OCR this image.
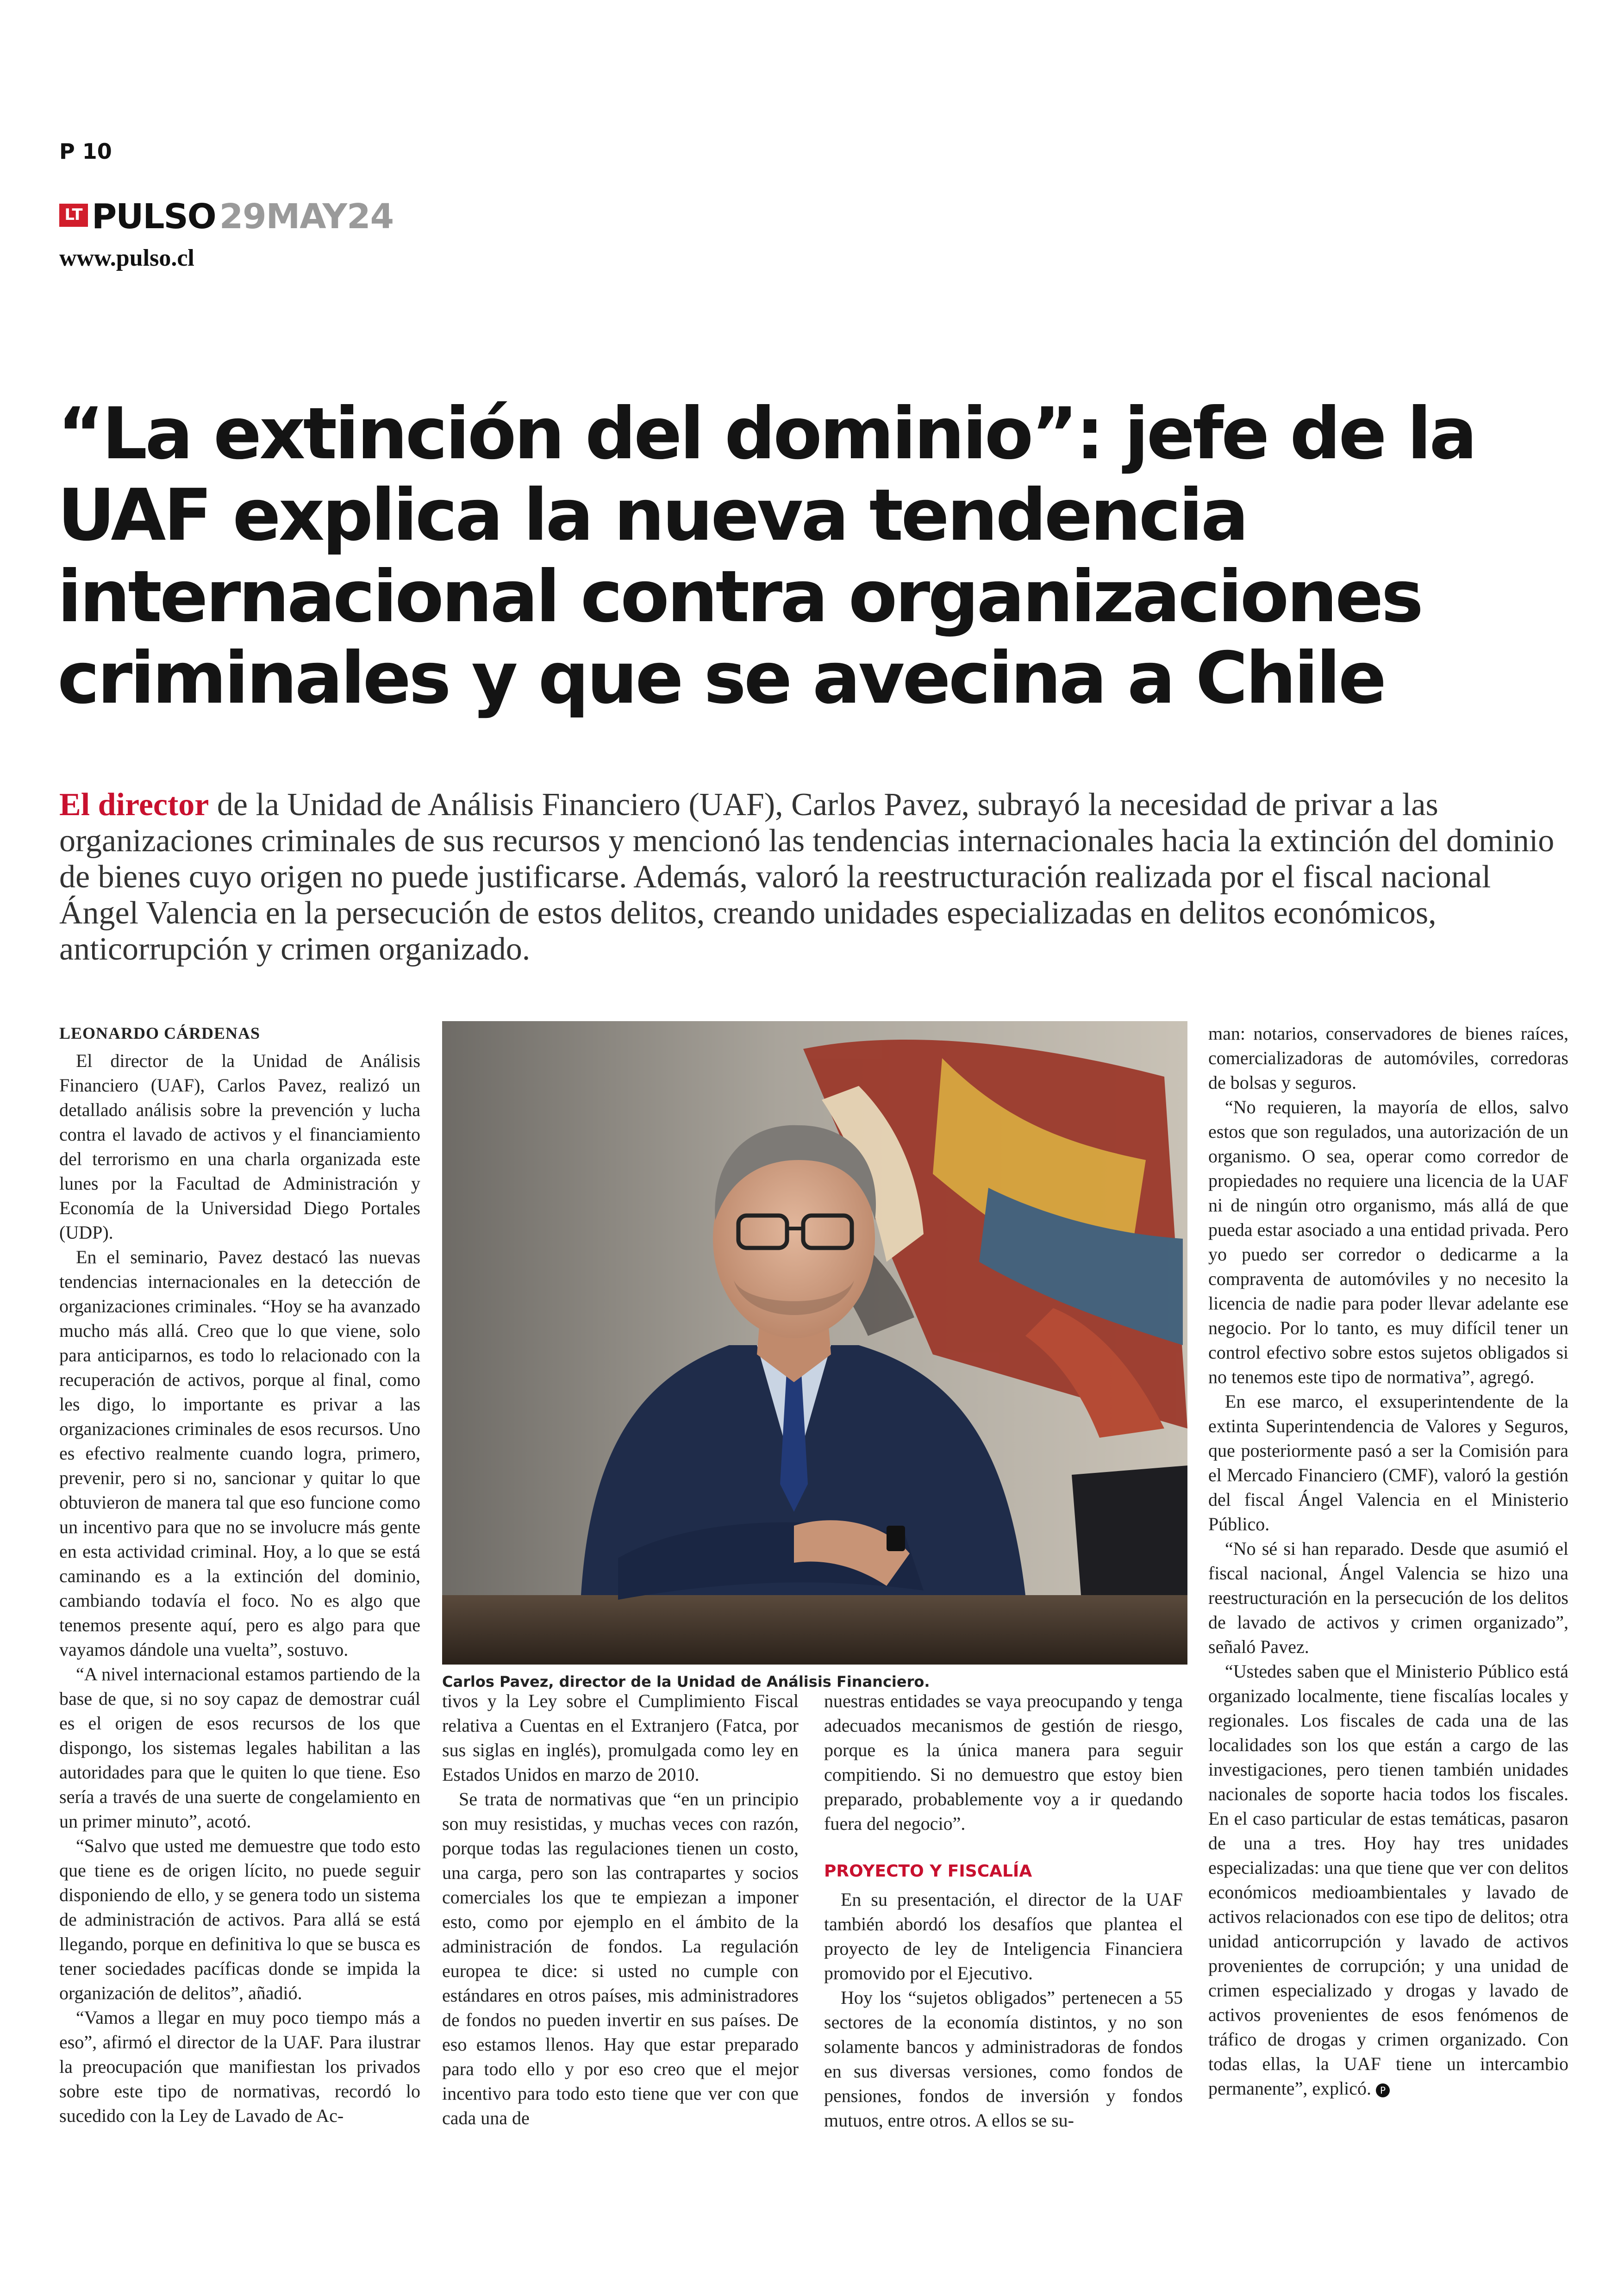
P 10
LT PULSO 29MAY24
www.pulso.cl
“La extinción del dominio”: jefe de la UAF explica la nueva tendencia internacional contra organizaciones criminales y que se avecina a Chile

El director de la Unidad de Análisis Financiero (UAF), Carlos Pavez, subrayó la necesidad de privar a las organizaciones criminales de sus recursos y mencionó las tendencias internacionales hacia la extinción del dominio de bienes cuyo origen no puede justificarse. Además, valoró la reestructuración realizada por el fiscal nacional Ángel Valencia en la persecución de estos delitos, creando unidades especializadas en delitos económicos, anticorrupción y crimen organizado.

LEONARDO CÁRDENAS

El director de la Unidad de Análisis Financiero (UAF), Carlos Pavez, realizó un detallado análisis sobre la prevención y lucha contra el lavado de activos y el financiamiento del terrorismo en una charla organizada este lunes por la Facultad de Administración y Economía de la Universidad Diego Portales (UDP).

En el seminario, Pavez destacó las nuevas tendencias internacionales en la detección de organizaciones criminales. “Hoy se ha avanzado mucho más allá. Creo que lo que viene, solo para anticiparnos, es todo lo relacionado con la recuperación de activos, porque al final, como les digo, lo importante es privar a las organizaciones criminales de esos recursos. Uno es efectivo realmente cuando logra, primero, prevenir, pero si no, sancionar y quitar lo que obtuvieron de manera tal que eso funcione como un incentivo para que no se involucre más gente en esta actividad criminal. Hoy, a lo que se está caminando es a la extinción del dominio, cambiando todavía el foco. No es algo que tenemos presente aquí, pero es algo para que vayamos dándole una vuelta”, sostuvo.

“A nivel internacional estamos partiendo de la base de que, si no soy capaz de demostrar cuál es el origen de esos recursos de los que dispongo, los sistemas legales habilitan a las autoridades para que le quiten lo que tiene. Eso sería a través de una suerte de congelamiento en un primer minuto”, acotó.

“Salvo que usted me demuestre que todo esto que tiene es de origen lícito, no puede seguir disponiendo de ello, y se genera todo un sistema de administración de activos. Para allá se está llegando, porque en definitiva lo que se busca es tener sociedades pacíficas donde se impida la organización de delitos”, añadió.

“Vamos a llegar en muy poco tiempo más a eso”, afirmó el director de la UAF. Para ilustrar la preocupación que manifiestan los privados sobre este tipo de normativas, recordó lo sucedido con la Ley de Lavado de Ac-

Carlos Pavez, director de la Unidad de Análisis Financiero.

tivos y la Ley sobre el Cumplimiento Fiscal relativa a Cuentas en el Extranjero (Fatca, por sus siglas en inglés), promulgada como ley en Estados Unidos en marzo de 2010.

Se trata de normativas que “en un principio son muy resistidas, y muchas veces con razón, porque todas las regulaciones tienen un costo, una carga, pero son las contrapartes y socios comerciales los que te empiezan a imponer esto, como por ejemplo en el ámbito de la administración de fondos. La regulación europea te dice: si usted no cumple con estándares en otros países, mis administradores de fondos no pueden invertir en sus países. De eso estamos llenos. Hay que estar preparado para todo ello y por eso creo que el mejor incentivo para todo esto tiene que ver con que cada una de

nuestras entidades se vaya preocupando y tenga adecuados mecanismos de gestión de riesgo, porque es la única manera para seguir compitiendo. Si no demuestro que estoy bien preparado, probablemente voy a ir quedando fuera del negocio”.

PROYECTO Y FISCALÍA

En su presentación, el director de la UAF también abordó los desafíos que plantea el proyecto de ley de Inteligencia Financiera promovido por el Ejecutivo.

Hoy los “sujetos obligados” pertenecen a 55 sectores de la economía distintos, y no son solamente bancos y administradoras de fondos en sus diversas versiones, como fondos de pensiones, fondos de inversión y fondos mutuos, entre otros. A ellos se su-

man: notarios, conservadores de bienes raíces, comercializadoras de automóviles, corredoras de bolsas y seguros.

“No requieren, la mayoría de ellos, salvo estos que son regulados, una autorización de un organismo. O sea, operar como corredor de propiedades no requiere una licencia de la UAF ni de ningún otro organismo, más allá de que pueda estar asociado a una entidad privada. Pero yo puedo ser corredor o dedicarme a la compraventa de automóviles y no necesito la licencia de nadie para poder llevar adelante ese negocio. Por lo tanto, es muy difícil tener un control efectivo sobre estos sujetos obligados si no tenemos este tipo de normativa”, agregó.

En ese marco, el exsuperintendente de la extinta Superintendencia de Valores y Seguros, que posteriormente pasó a ser la Comisión para el Mercado Financiero (CMF), valoró la gestión del fiscal Ángel Valencia en el Ministerio Público.

“No sé si han reparado. Desde que asumió el fiscal nacional, Ángel Valencia se hizo una reestructuración en la persecución de los delitos de lavado de activos y crimen organizado”, señaló Pavez.

“Ustedes saben que el Ministerio Público está organizado localmente, tiene fiscalías locales y regionales. Los fiscales de cada una de las localidades son los que están a cargo de las investigaciones, pero tienen también unidades nacionales de soporte hacia todos los fiscales. En el caso particular de estas temáticas, pasaron de una a tres. Hoy hay tres unidades especializadas: una que tiene que ver con delitos económicos medioambientales y lavado de activos relacionados con ese tipo de delitos; otra unidad anticorrupción y lavado de activos provenientes de corrupción; y una unidad de crimen especializado y drogas y lavado de activos provenientes de esos fenómenos de tráfico de drogas y crimen organizado. Con todas ellas, la UAF tiene un intercambio permanente”, explicó. P
